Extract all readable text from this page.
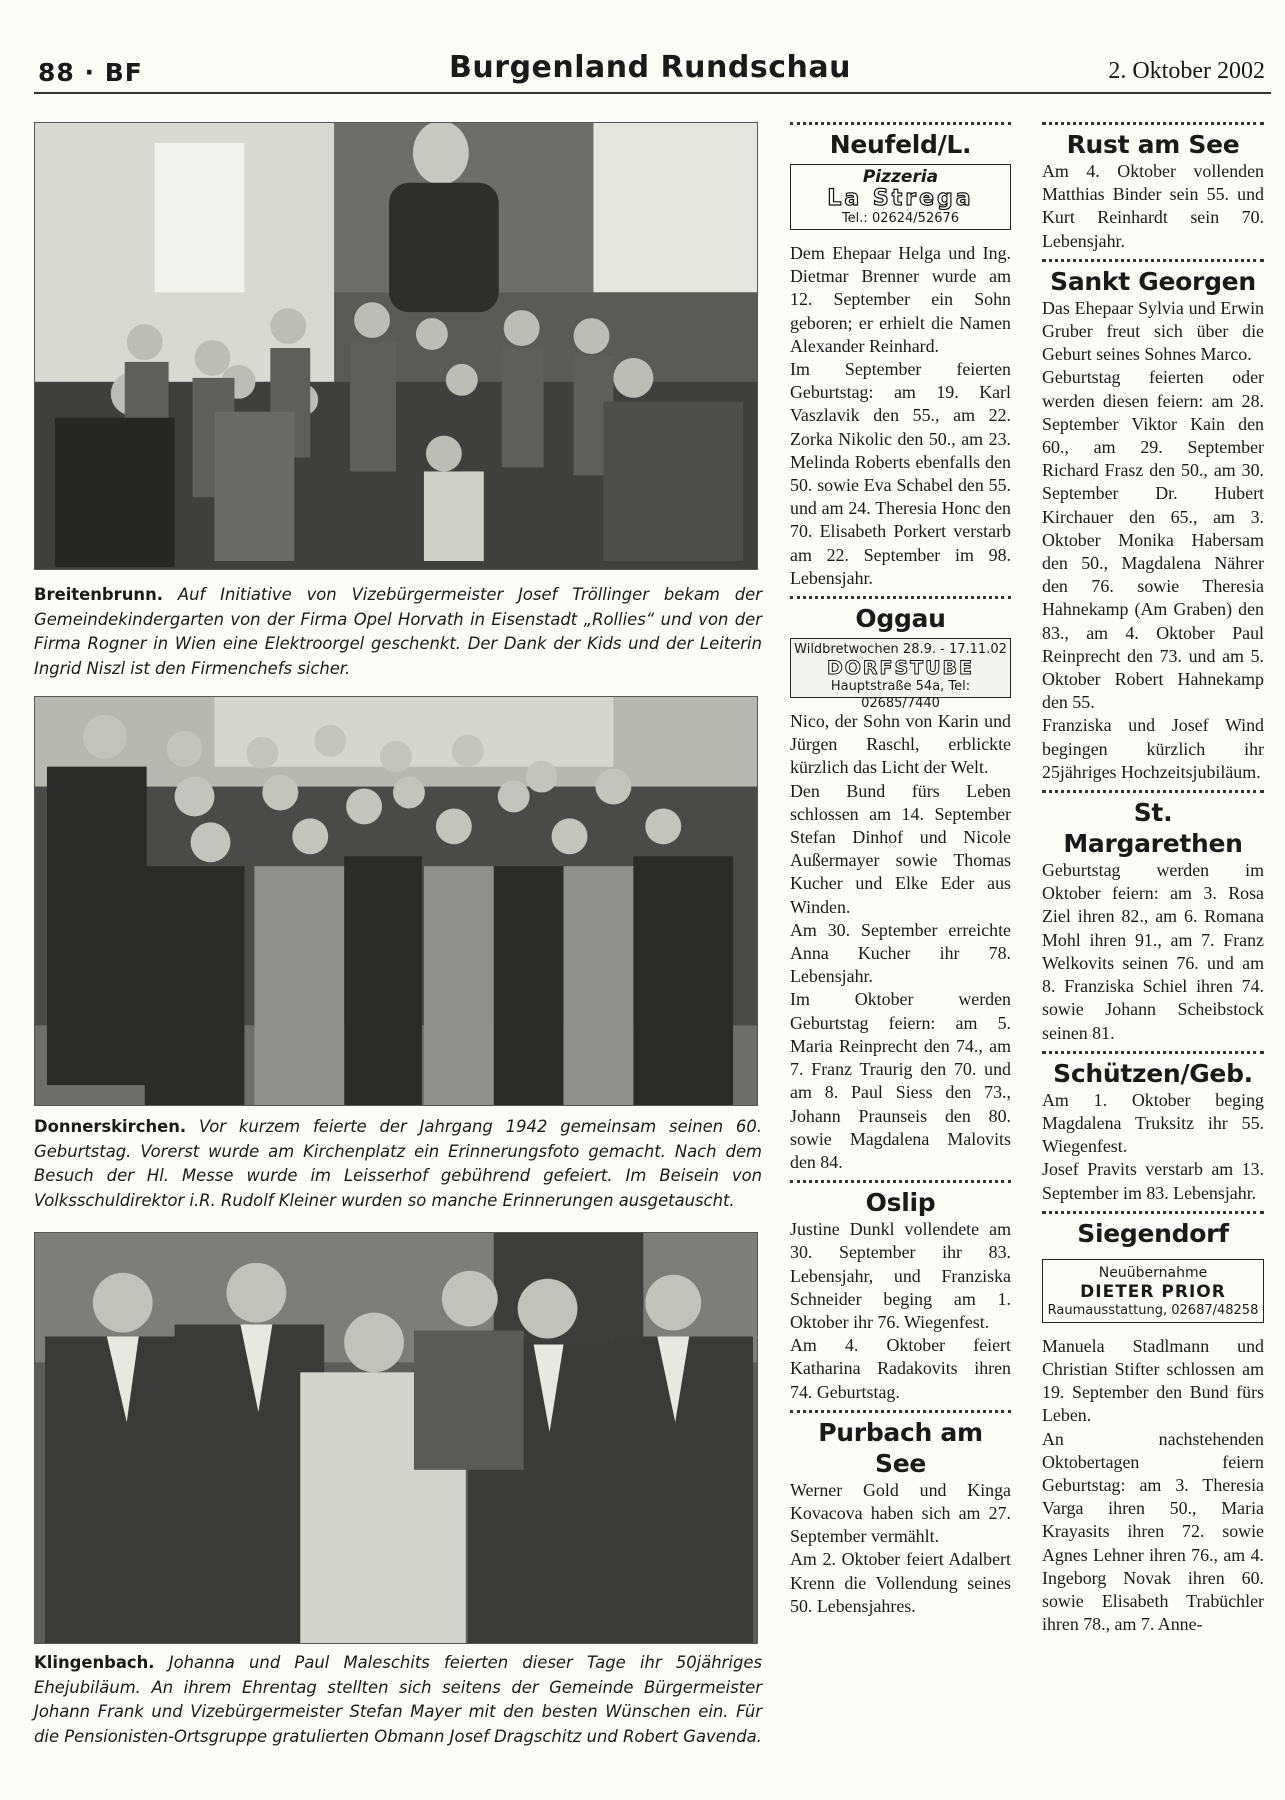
88 · BF	Burgenland Rundschau	2. Oktober 2002
Breitenbrunn. Auf Initiative von Vizebürgermeister Josef Tröllinger bekam der Gemeindekindergarten von der Firma Opel Horvath in Eisenstadt „Rollies“ und von der Firma Rogner in Wien eine Elektroorgel geschenkt. Der Dank der Kids und der Leiterin Ingrid Niszl ist den Firmenchefs sicher.
Donnerskirchen. Vor kurzem feierte der Jahrgang 1942 gemeinsam seinen 60. Geburtstag. Vorerst wurde am Kirchenplatz ein Erinnerungsfoto gemacht. Nach dem Besuch der Hl. Messe wurde im Leisserhof gebührend gefeiert. Im Beisein von Volksschuldirektor i.R. Rudolf Kleiner wurden so manche Erinnerungen ausgetauscht.
Klingenbach. Johanna und Paul Maleschits feierten dieser Tage ihr 50jähriges Ehejubiläum. An ihrem Ehrentag stellten sich seitens der Gemeinde Bürgermeister Johann Frank und Vizebürgermeister Stefan Mayer mit den besten Wünschen ein. Für die Pensionisten-Ortsgruppe gratulierten Obmann Josef Dragschitz und Robert Gavenda.
Neufeld/L.
Pizzeria
La Strega
Tel.: 02624/52676

Dem Ehepaar Helga und Ing. Dietmar Brenner wurde am 12. September ein Sohn geboren; er erhielt die Namen Alexander Reinhard.

Im September feierten Geburtstag: am 19. Karl Vaszlavik den 55., am 22. Zorka Nikolic den 50., am 23. Melinda Roberts ebenfalls den 50. sowie Eva Schabel den 55. und am 24. Theresia Honc den 70. Elisabeth Porkert verstarb am 22. September im 98. Lebensjahr.

Oggau
Wildbretwochen 28.9. - 17.11.02
DORFSTUBE
Hauptstraße 54a, Tel: 02685/7440

Nico, der Sohn von Karin und Jürgen Raschl, erblickte kürzlich das Licht der Welt.

Den Bund fürs Leben schlossen am 14. September Stefan Dinhof und Nicole Außermayer sowie Thomas Kucher und Elke Eder aus Winden.

Am 30. September erreichte Anna Kucher ihr 78. Lebensjahr.

Im Oktober werden Geburtstag feiern: am 5. Maria Reinprecht den 74., am 7. Franz Traurig den 70. und am 8. Paul Siess den 73., Johann Praunseis den 80. sowie Magdalena Malovits den 84.

Oslip

Justine Dunkl vollendete am 30. September ihr 83. Lebensjahr, und Franziska Schneider beging am 1. Oktober ihr 76. Wiegenfest.

Am 4. Oktober feiert Katharina Radakovits ihren 74. Geburtstag.

Purbach am See

Werner Gold und Kinga Kovacova haben sich am 27. September vermählt.

Am 2. Oktober feiert Adalbert Krenn die Vollendung seines 50. Lebensjahres.

Rust am See

Am 4. Oktober vollenden Matthias Binder sein 55. und Kurt Reinhardt sein 70. Lebensjahr.

Sankt Georgen

Das Ehepaar Sylvia und Erwin Gruber freut sich über die Geburt seines Sohnes Marco.

Geburtstag feierten oder werden diesen feiern: am 28. September Viktor Kain den 60., am 29. September Richard Frasz den 50., am 30. September Dr. Hubert Kirchauer den 65., am 3. Oktober Monika Habersam den 50., Magdalena Nährer den 76. sowie Theresia Hahnekamp (Am Graben) den 83., am 4. Oktober Paul Reinprecht den 73. und am 5. Oktober Robert Hahnekamp den 55.

Franziska und Josef Wind begingen kürzlich ihr 25jähriges Hochzeitsjubiläum.

St. Margarethen

Geburtstag werden im Oktober feiern: am 3. Rosa Ziel ihren 82., am 6. Romana Mohl ihren 91., am 7. Franz Welkovits seinen 76. und am 8. Franziska Schiel ihren 74. sowie Johann Scheibstock seinen 81.

Schützen/Geb.

Am 1. Oktober beging Magdalena Truksitz ihr 55. Wiegenfest.

Josef Pravits verstarb am 13. September im 83. Lebensjahr.

Siegendorf
Neuübernahme
DIETER PRIOR
Raumausstattung, 02687/48258

Manuela Stadlmann und Christian Stifter schlossen am 19. September den Bund fürs Leben.

An nachstehenden Oktobertagen feiern Geburtstag: am 3. Theresia Varga ihren 50., Maria Krayasits ihren 72. sowie Agnes Lehner ihren 76., am 4. Ingeborg Novak ihren 60. sowie Elisabeth Trabüchler ihren 78., am 7. Anne-
